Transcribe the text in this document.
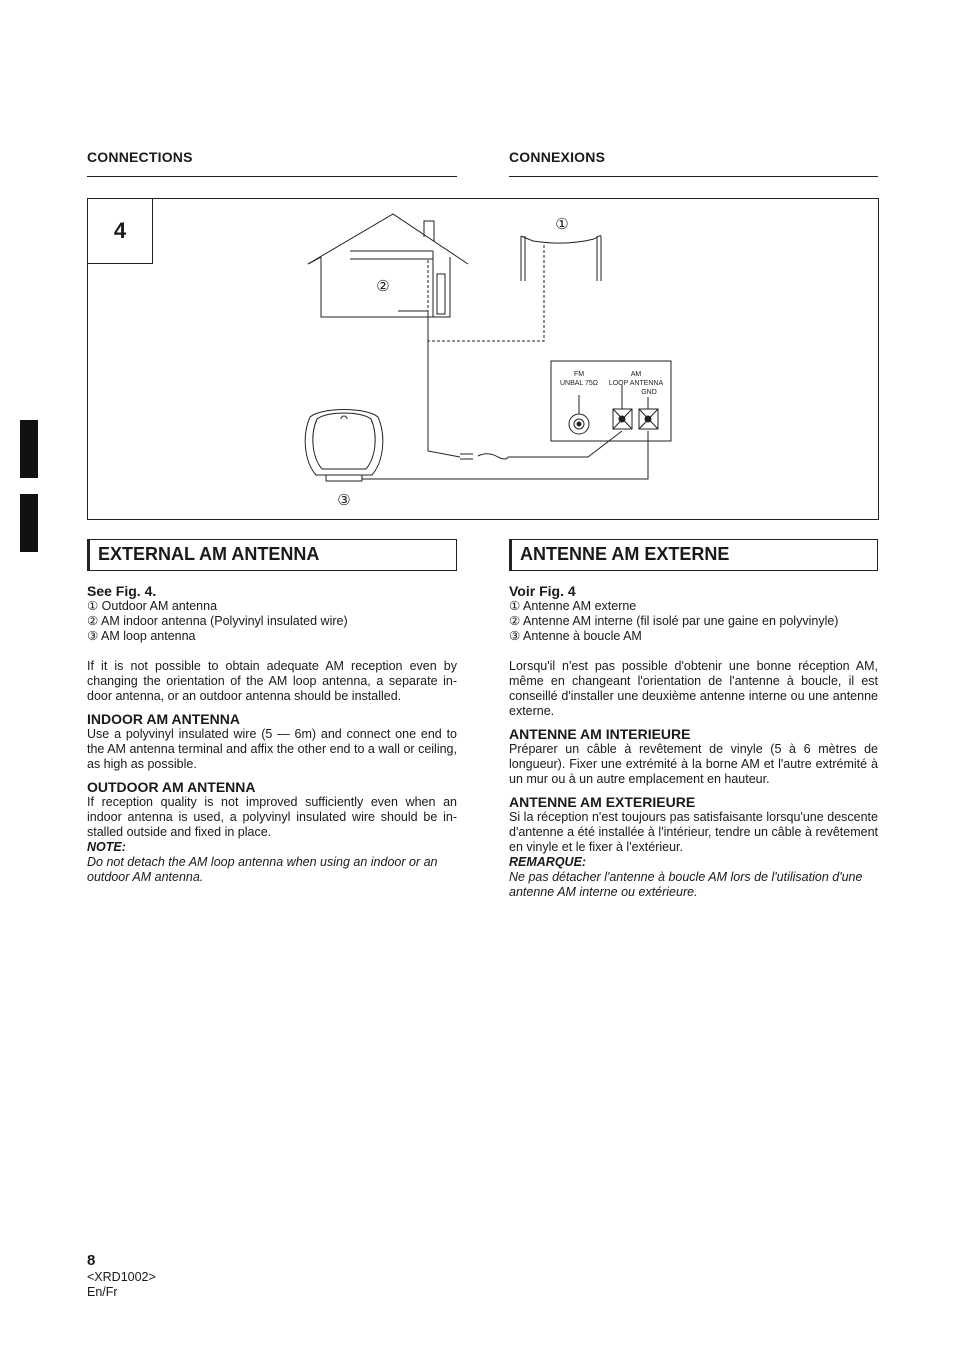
CONNECTIONS	CONNEXIONS
4	①
②
③
FM
UNBAL 75Ω
AM
LOOP ANTENNA
GND
EXTERNAL AM ANTENNA	ANTENNE AM EXTERNE

See Fig. 4.

① Outdoor AM antenna

② AM indoor antenna (Polyvinyl insulated wire)

③ AM loop antenna

If it is not possible to obtain adequate AM reception even by changing the orientation of the AM loop antenna, a separate in-door antenna, or an outdoor antenna should be installed.

INDOOR AM ANTENNA

Use a polyvinyl insulated wire (5 — 6m) and connect one end to the AM antenna terminal and affix the other end to a wall or ceiling, as high as possible.

OUTDOOR AM ANTENNA

If reception quality is not improved sufficiently even when an indoor antenna is used, a polyvinyl insulated wire should be in-stalled outside and fixed in place.

NOTE:

Do not detach the AM loop antenna when using an indoor or an outdoor AM antenna.

Voir Fig. 4

① Antenne AM externe

② Antenne AM interne (fil isolé par une gaine en polyvinyle)

③ Antenne à boucle AM

Lorsqu'il n'est pas possible d'obtenir une bonne réception AM, même en changeant l'orientation de l'antenne à boucle, il est conseillé d'installer une deuxième antenne interne ou une antenne externe.

ANTENNE AM INTERIEURE

Préparer un câble à revêtement de vinyle (5 à 6 mètres de longueur). Fixer une extrémité à la borne AM et l'autre extrémité à un mur ou à un autre emplacement en hauteur.

ANTENNE AM EXTERIEURE

Si la réception n'est toujours pas satisfaisante lorsqu'une descente d'antenne a été installée à l'intérieur, tendre un câble à revêtement en vinyle et le fixer à l'extérieur.

REMARQUE:

Ne pas détacher l'antenne à boucle AM lors de l'utilisation d'une antenne AM interne ou extérieure.

8
<XRD1002>
En/Fr
